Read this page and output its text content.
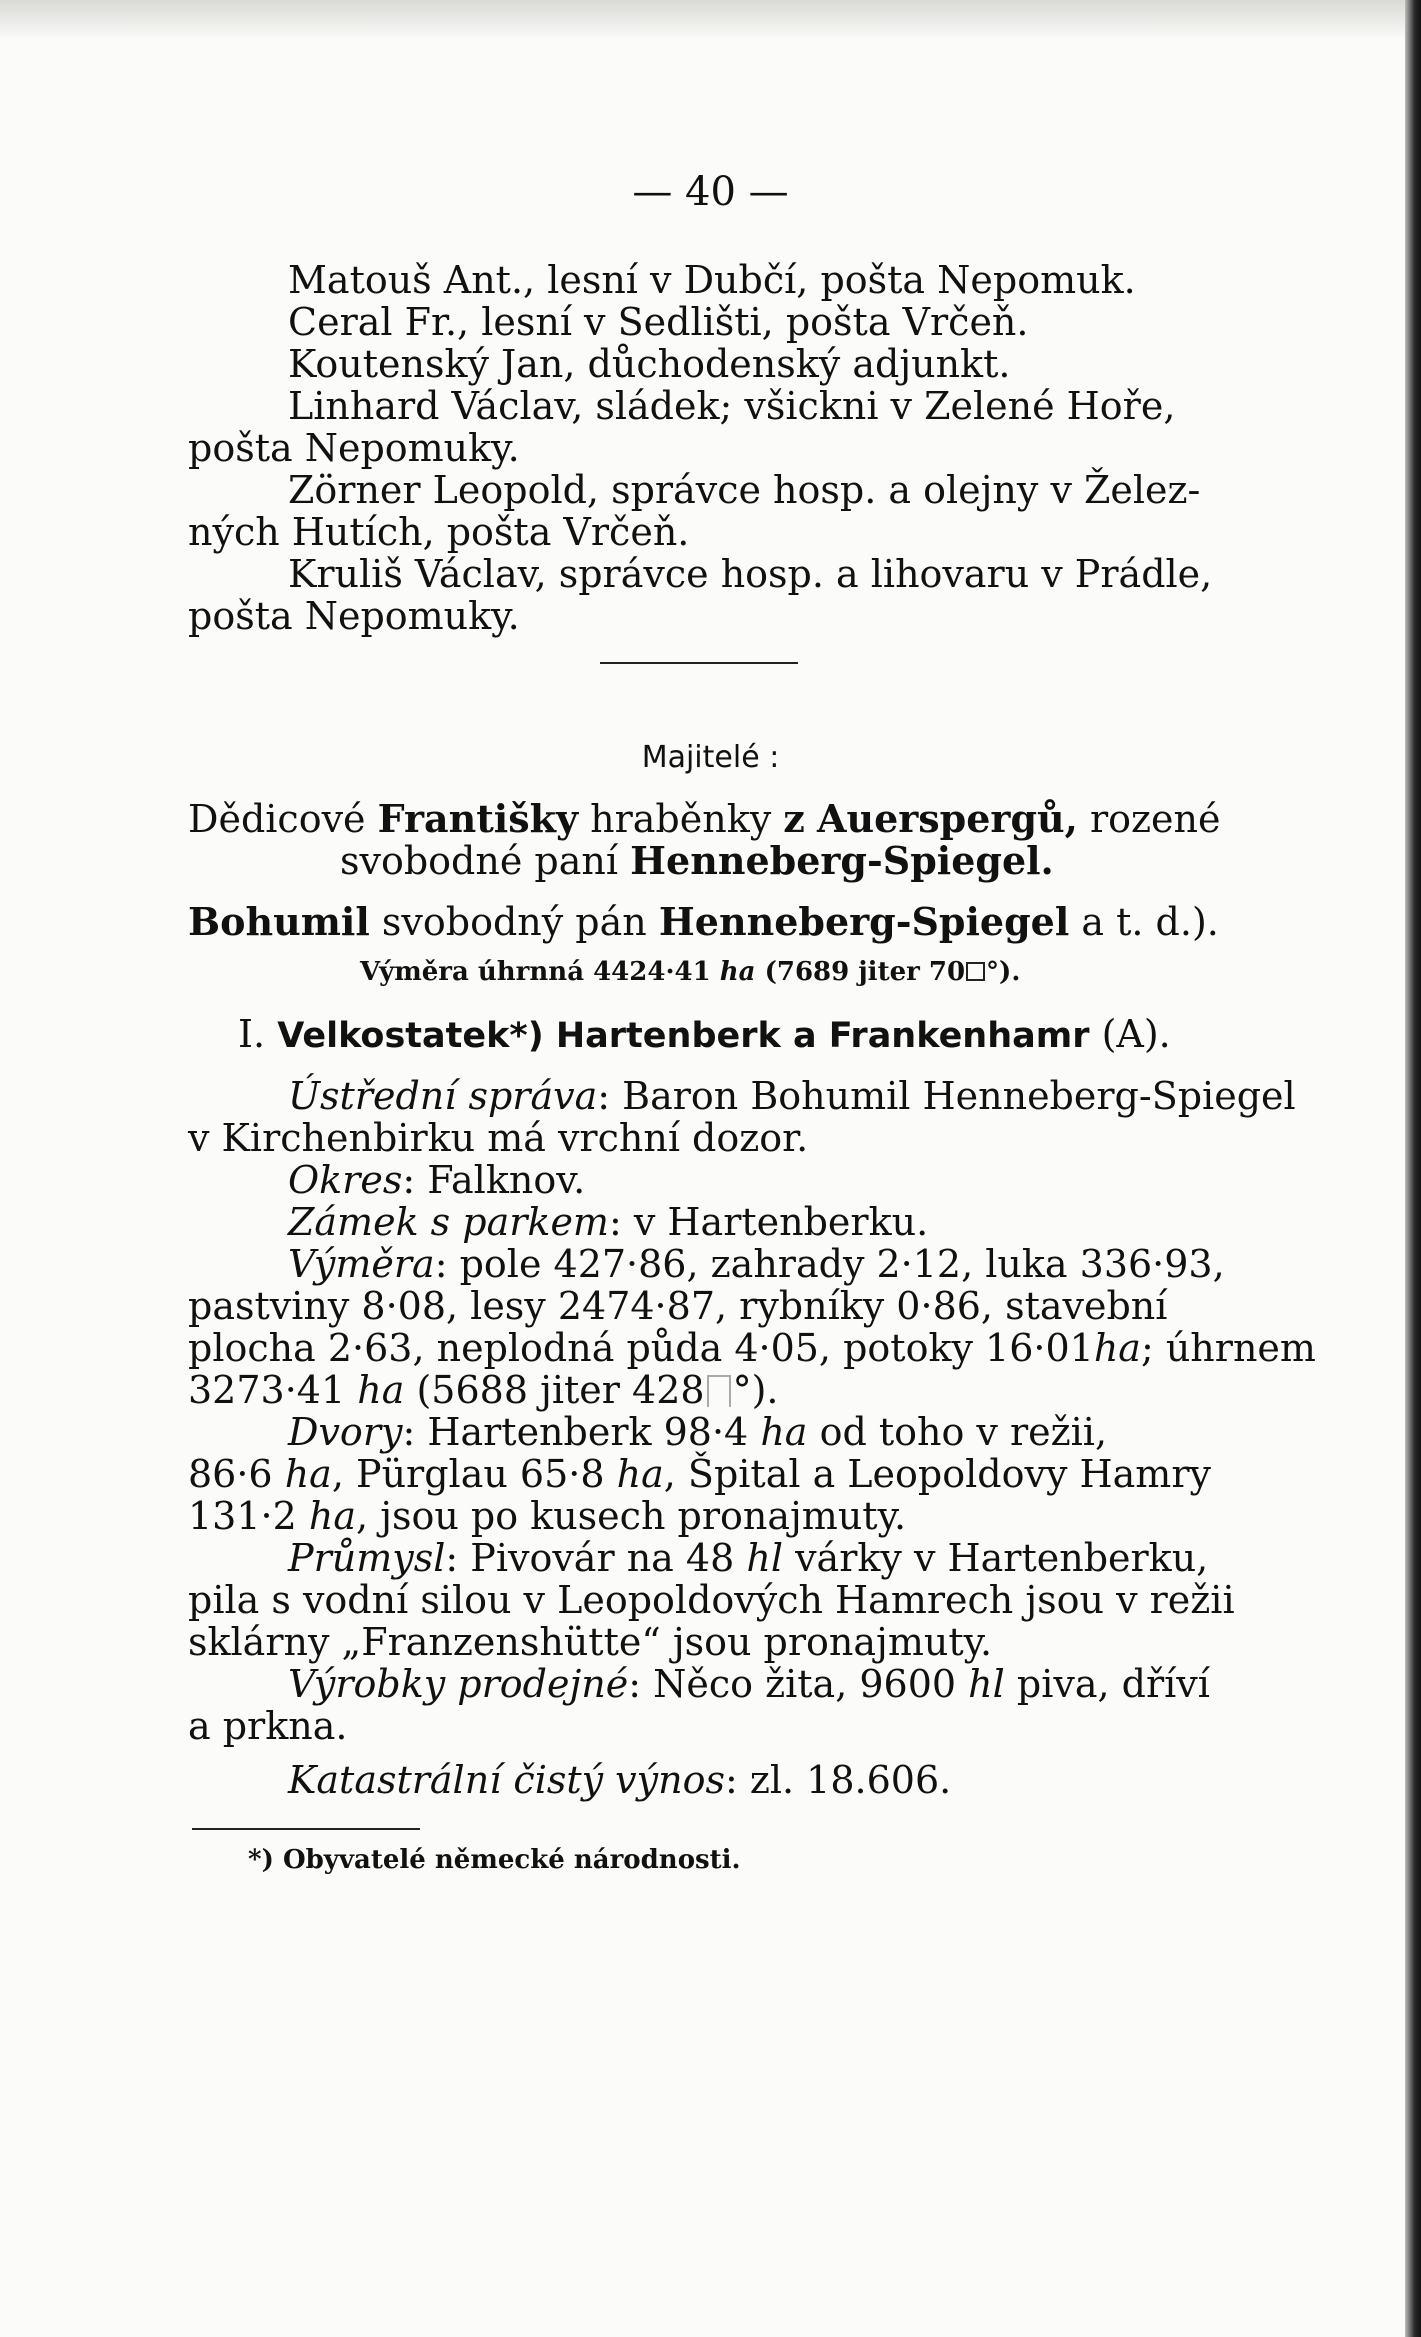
— 40 —

Matouš Ant., lesní v Dubčí, pošta Nepomuk.

Ceral Fr., lesní v Sedlišti, pošta Vrčeň.

Koutenský Jan, důchodenský adjunkt.

Linhard Václav, sládek; všickni v Zelené Hoře,

pošta Nepomuky.

Zörner Leopold, správce hosp. a olejny v Želez-

ných Hutích, pošta Vrčeň.

Kruliš Václav, správce hosp. a lihovaru v Prádle,

pošta Nepomuky.

Majitelé :

Dědicové Františky hraběnky z Auerspergů, rozené

svobodné paní Henneberg-Spiegel.

Bohumil svobodný pán Henneberg-Spiegel a t. d.).

Výměra úhrnná 4424·41 ha (7689 jiter 70 °).

I. Velkostatek*) Hartenberk a Frankenhamr (A).

Ústřední správa: Baron Bohumil Henneberg-Spiegel

v Kirchenbirku má vrchní dozor.

Okres: Falknov.

Zámek s parkem: v Hartenberku.

Výměra: pole 427·86, zahrady 2·12, luka 336·93,

pastviny 8·08, lesy 2474·87, rybníky 0·86, stavební

plocha 2·63, neplodná půda 4·05, potoky 16·01ha; úhrnem

3273·41 ha (5688 jiter 428 °).

Dvory: Hartenberk 98·4 ha od toho v režii,

86·6 ha, Pürglau 65·8 ha, Špital a Leopoldovy Hamry

131·2 ha, jsou po kusech pronajmuty.

Průmysl: Pivovár na 48 hl várky v Hartenberku,

pila s vodní silou v Leopoldových Hamrech jsou v režii

sklárny „Franzenshütte“ jsou pronajmuty.

Výrobky prodejné: Něco žita, 9600 hl piva, dříví

a prkna.

Katastrální čistý výnos: zl. 18.606.

*) Obyvatelé německé národnosti.
